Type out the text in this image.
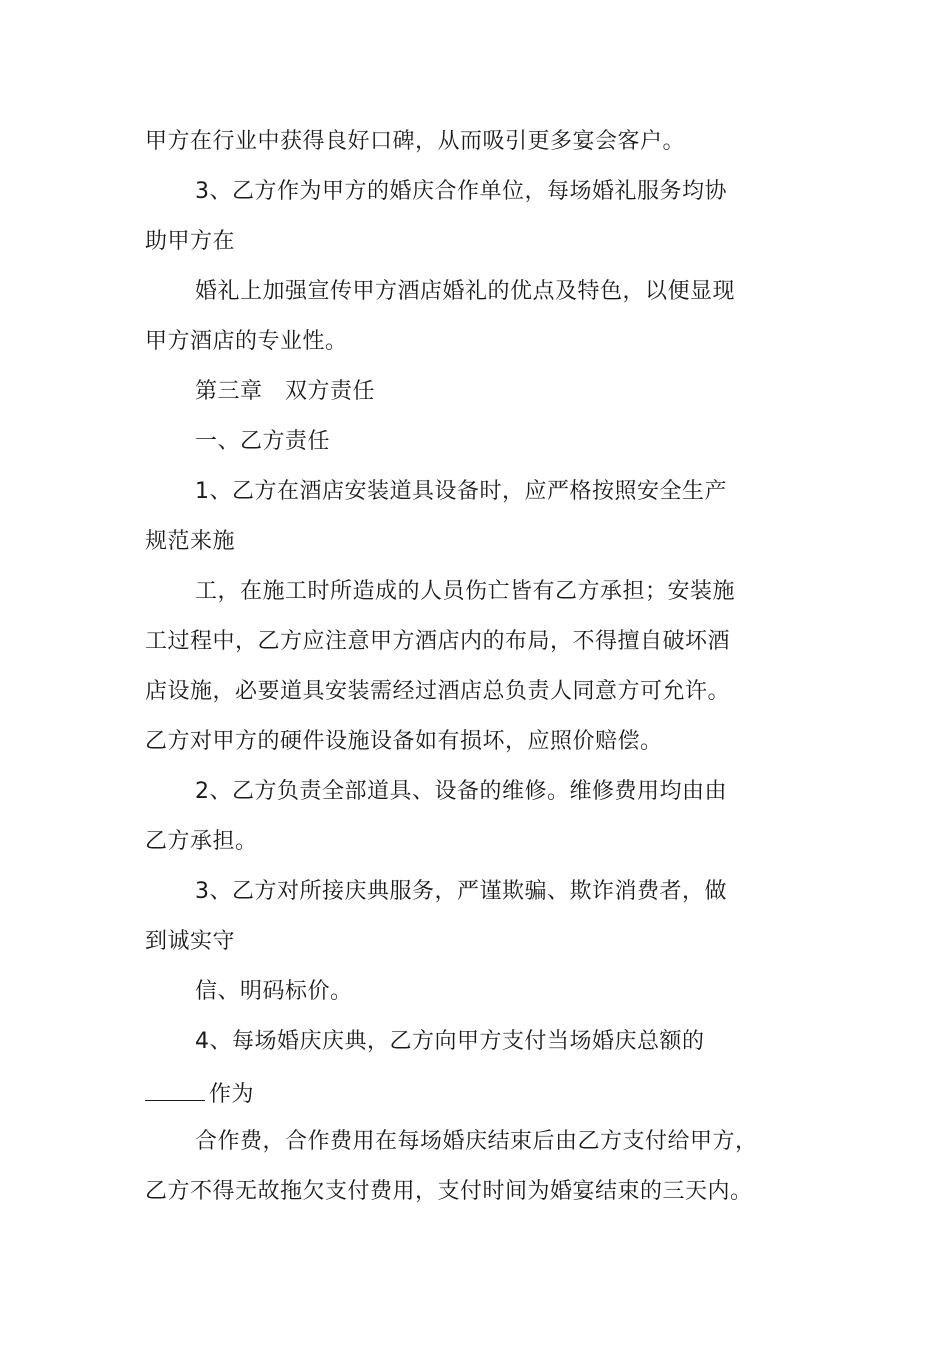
甲方在行业中获得良好口碑，从而吸引更多宴会客户。
3、乙方作为甲方的婚庆合作单位，每场婚礼服务均协
助甲方在
婚礼上加强宣传甲方酒店婚礼的优点及特色，以便显现
甲方酒店的专业性。
第三章　双方责任
一、乙方责任
1、乙方在酒店安装道具设备时，应严格按照安全生产
规范来施
工，在施工时所造成的人员伤亡皆有乙方承担；安装施
工过程中，乙方应注意甲方酒店内的布局，不得擅自破坏酒
店设施，必要道具安装需经过酒店总负责人同意方可允许。
乙方对甲方的硬件设施设备如有损坏，应照价赔偿。
2、乙方负责全部道具、设备的维修。维修费用均由由
乙方承担。
3、乙方对所接庆典服务，严谨欺骗、欺诈消费者，做
到诚实守
信、明码标价。
4、每场婚庆庆典，乙方向甲方支付当场婚庆总额的
作为
合作费，合作费用在每场婚庆结束后由乙方支付给甲方，
乙方不得无故拖欠支付费用，支付时间为婚宴结束的三天内。
